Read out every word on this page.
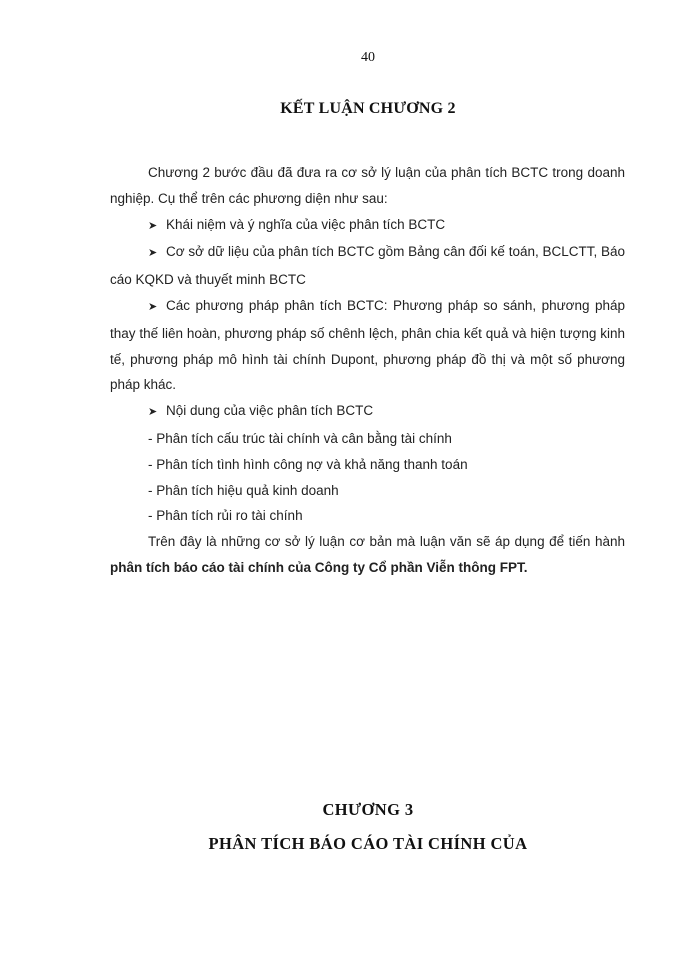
40
KẾT LUẬN CHƯƠNG 2

Chương 2 bước đầu đã đưa ra cơ sở lý luận của phân tích BCTC trong doanh nghiệp. Cụ thể trên các phương diện như sau:

➤ Khái niệm và ý nghĩa của việc phân tích BCTC

➤ Cơ sở dữ liệu của phân tích BCTC gồm Bảng cân đối kế toán, BCLCTT, Báo cáo KQKD và thuyết minh BCTC

➤ Các phương pháp phân tích BCTC: Phương pháp so sánh, phương pháp thay thế liên hoàn, phương pháp số chênh lệch, phân chia kết quả và hiện tượng kinh tế, phương pháp mô hình tài chính Dupont, phương pháp đồ thị và một số phương pháp khác.

➤ Nội dung của việc phân tích BCTC

- Phân tích cấu trúc tài chính và cân bằng tài chính

- Phân tích tình hình công nợ và khả năng thanh toán

- Phân tích hiệu quả kinh doanh

- Phân tích rủi ro tài chính

Trên đây là những cơ sở lý luận cơ bản mà luận văn sẽ áp dụng để tiến hành phân tích báo cáo tài chính của Công ty Cổ phần Viễn thông FPT.

CHƯƠNG 3
PHÂN TÍCH BÁO CÁO TÀI CHÍNH CỦA
